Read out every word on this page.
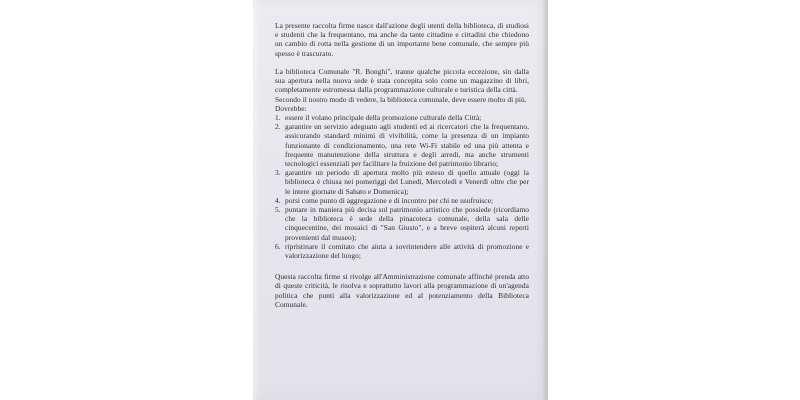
La presente raccolta firme nasce dall'azione degli utenti della biblioteca, di studiosi e studenti che la frequentano, ma anche da tante cittadine e cittadini che chiedono un cambio di rotta nella gestione di un importante bene comunale, che sempre più spesso è trascurato.

La biblioteca Comunale "R. Bonghi", tranne qualche piccola eccezione, sin dalla sua apertura nella nuova sede è stata concepita solo come un magazzino di libri, completamente estromessa dalla programmazione culturale e turistica della città.

Secondo il nostro modo di vedere, la biblioteca comunale, deve essere molto di più.

Dovrebbe:

1. essere il volano principale della promozione culturale della Città;
2. garantire un servizio adeguato agli studenti ed ai ricercatori che la frequentano, assicurando standard minimi di vivibilità, come la presenza di un impianto funzionante di condizionamento, una rete Wi-Fi stabile ed una più attenta e frequente manutenzione della struttura e degli arredi, ma anche strumenti tecnologici essenziali per facilitare la fruizione del patrimonio librario;
3. garantire un periodo di apertura molto più esteso di quello attuale (oggi la biblioteca è chiusa nei pomeriggi del Lunedì, Mercoledì e Venerdì oltre che per le intere giornate di Sabato e Domenica);
4. porsi come punto di aggregazione e di incontro per chi ne usufruisce;
5. puntare in maniera più decisa sul patrimonio artistico che possiede (ricordiamo che la biblioteca è sede della pinacoteca comunale, della sala delle cinquecentine, dei mosaici di "San Giusto", e a breve ospiterà alcuni reperti provenienti dal museo);
6. ripristinare il comitato che aiuta a sovrintendere alle attività di promozione e valorizzazione del luogo;

Questa raccolta firme si rivolge all'Amministrazione comunale affinché prenda atto di queste criticità, le risolva e soprattutto lavori alla programmazione di un'agenda politica che punti alla valorizzazione ed al potenziamento della Biblioteca Comunale.
